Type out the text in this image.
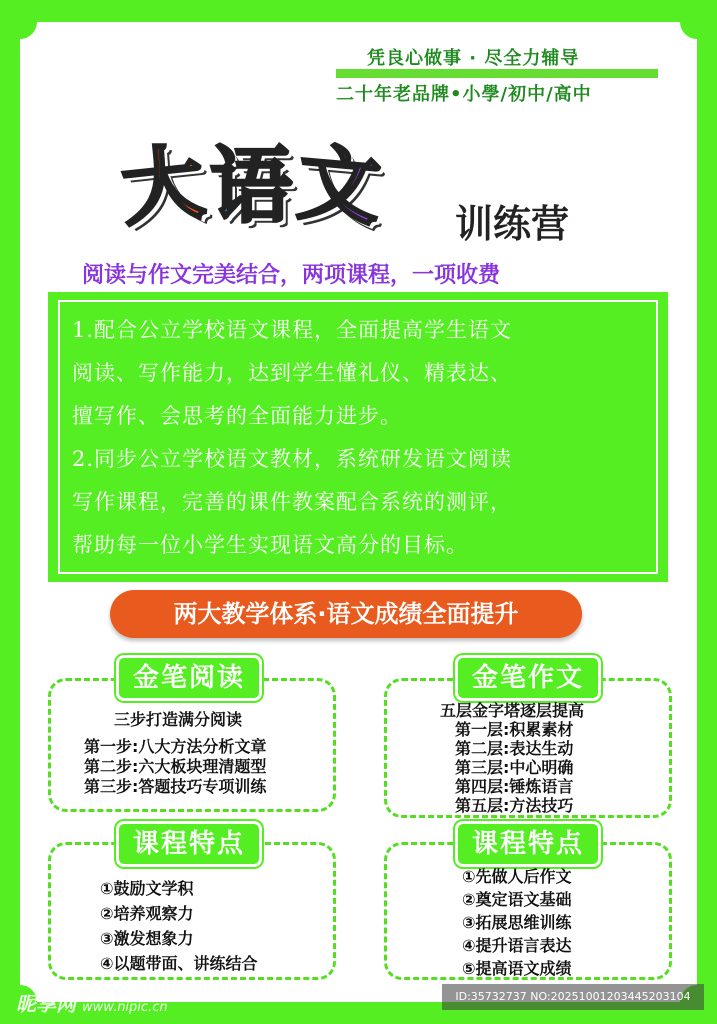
凭良心做事 · 尽全力辅导
二十年老品牌•小學/初中/高中
大语文 训练营
阅读与作文完美结合，两项课程，一项收费
1.配合公立学校语文课程，全面提高学生语文
阅读、写作能力，达到学生懂礼仪、精表达、
擅写作、会思考的全面能力进步。
2.同步公立学校语文教材，系统研发语文阅读
写作课程，完善的课件教案配合系统的测评，
帮助每一位小学生实现语文高分的目标。
两大教学体系·语文成绩全面提升
金笔阅读
三步打造满分阅读
第一步:八大方法分析文章
第二步:六大板块理清题型
第三步:答题技巧专项训练
金笔作文
五层金字塔逐层提高
第一层:积累素材
第二层:表达生动
第三层:中心明确
第四层:锤炼语言
第五层:方法技巧
课程特点
①鼓励文学积
②培养观察力
③激发想象力
④以题带面、讲练结合
课程特点
①先做人后作文
②奠定语文基础
③拓展思维训练
④提升语言表达
⑤提高语文成绩
昵享网 www.nipic.cn
ID:35732737 NO:20251001203445203104
